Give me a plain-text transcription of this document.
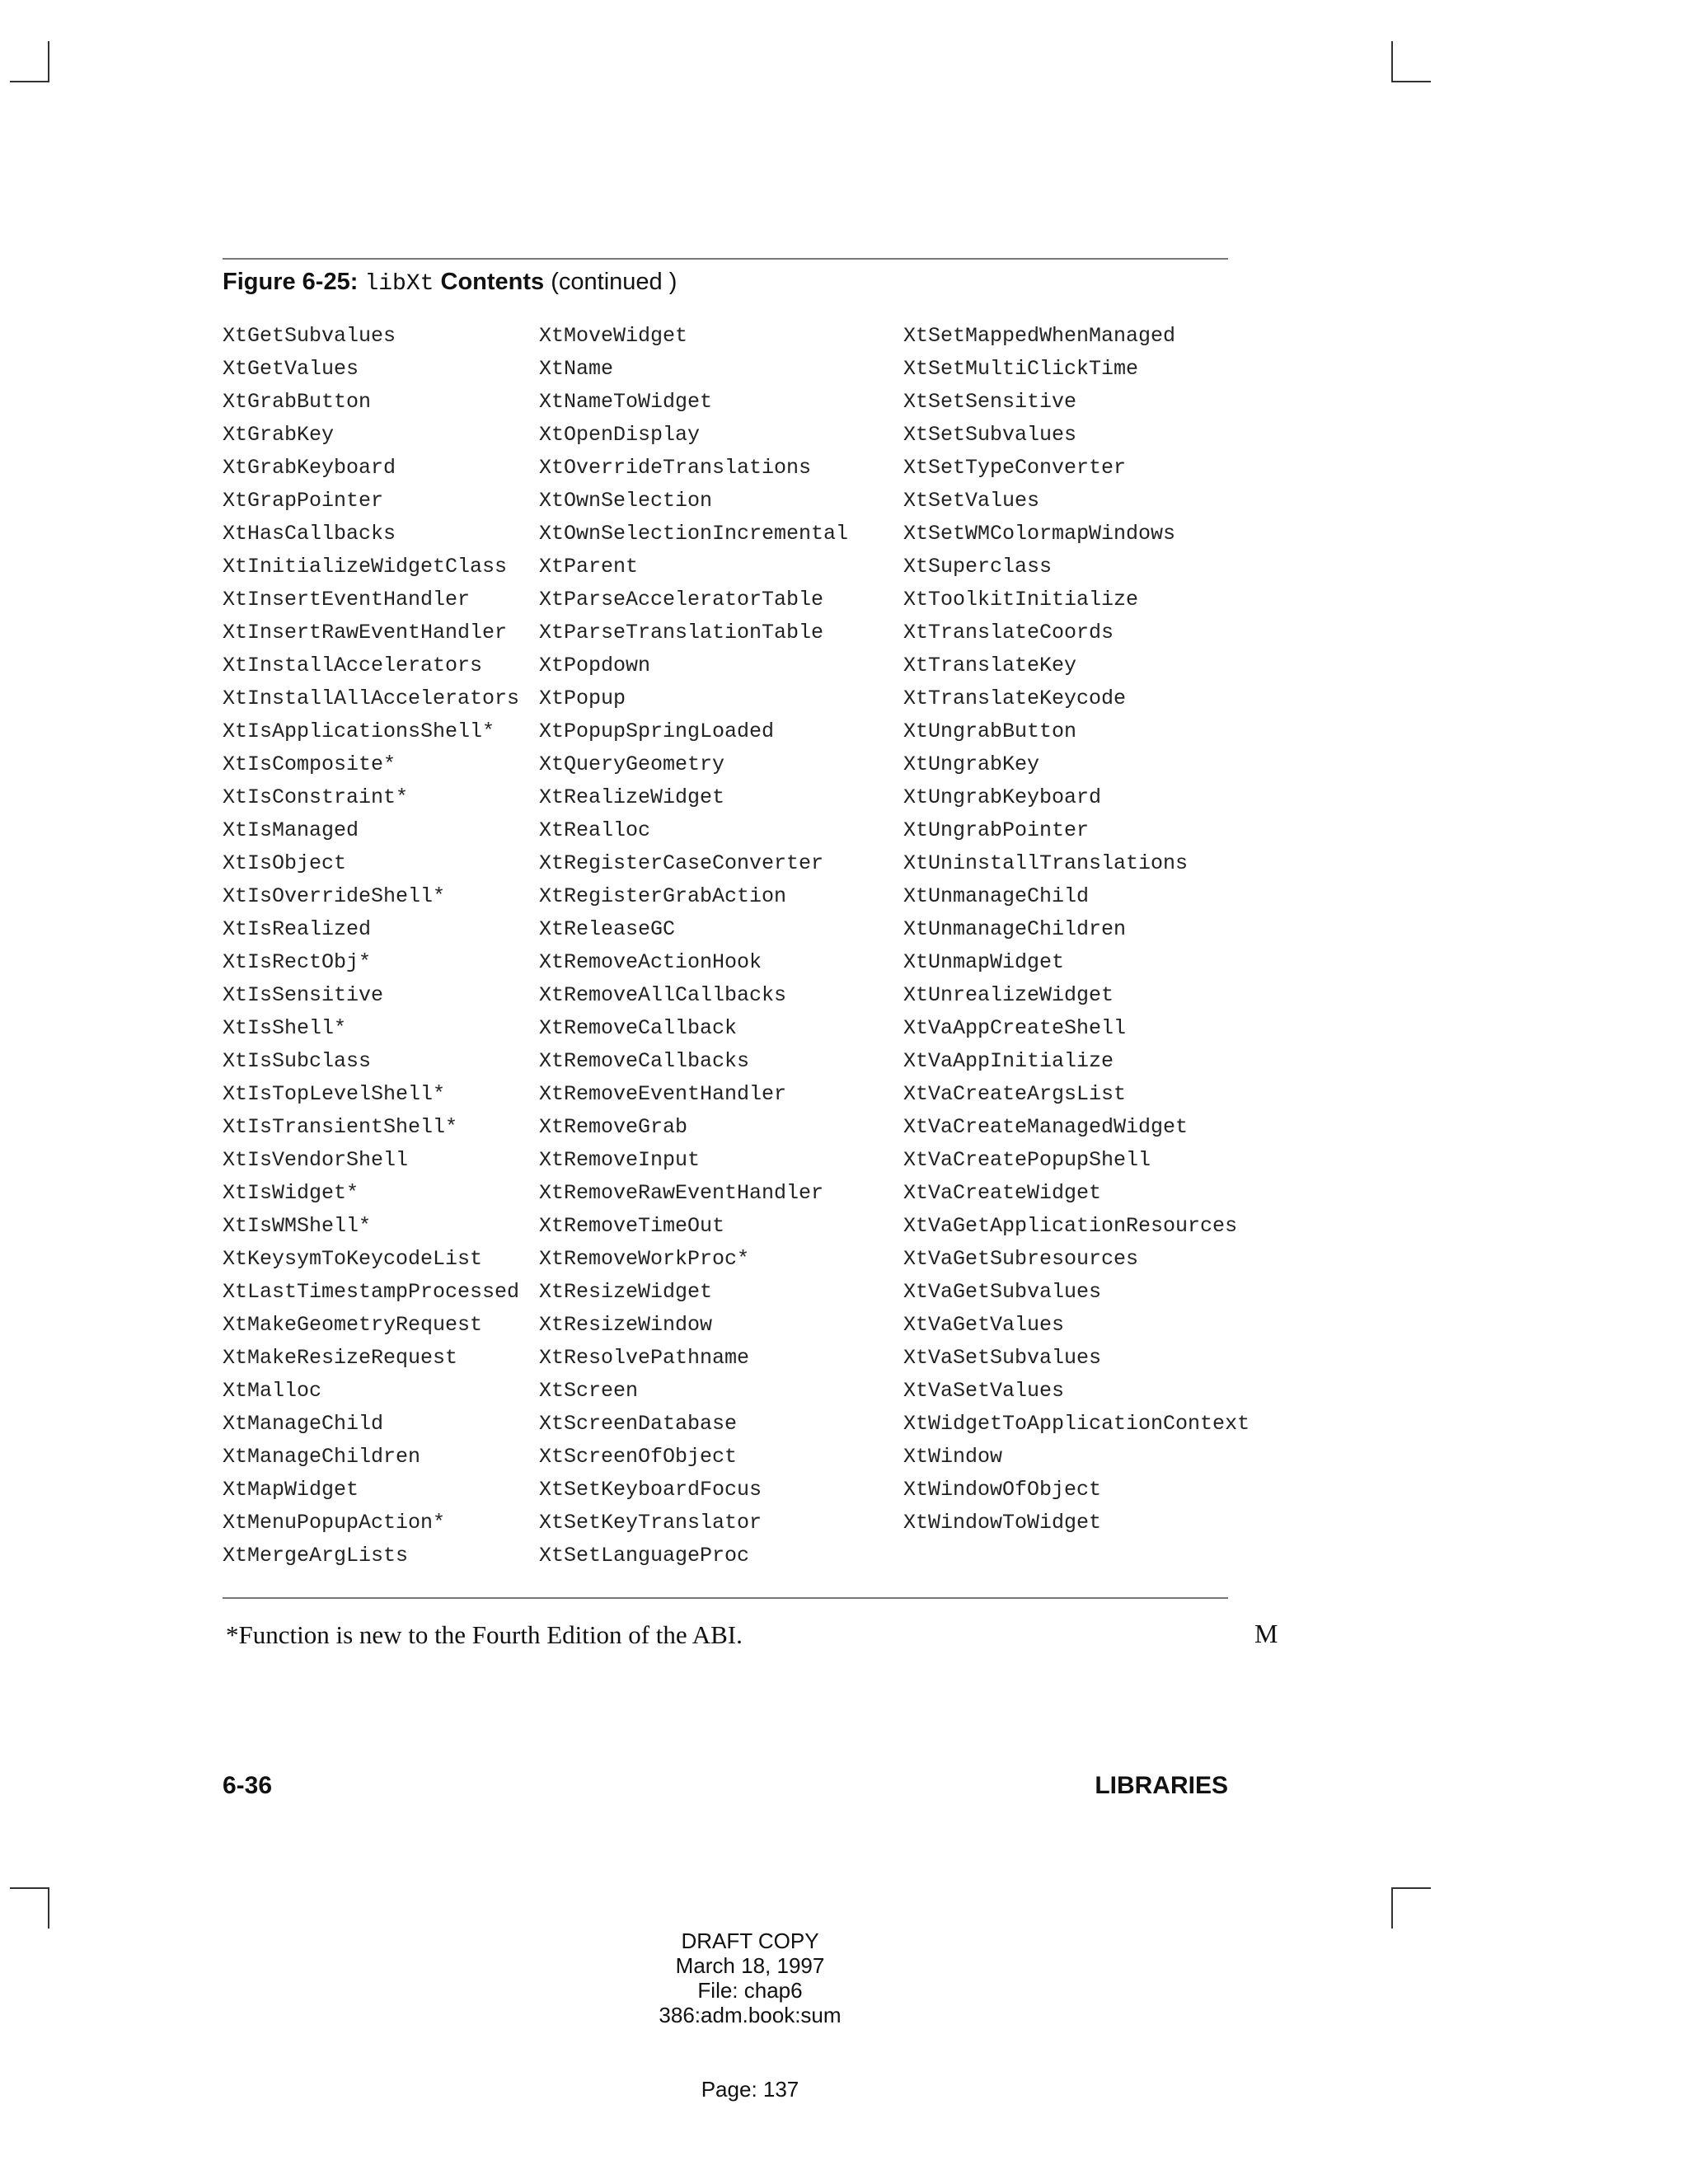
Figure 6-25: libXt Contents (continued )
XtGetSubvalues
XtGetValues
XtGrabButton
XtGrabKey
XtGrabKeyboard
XtGrapPointer
XtHasCallbacks
XtInitializeWidgetClass
XtInsertEventHandler
XtInsertRawEventHandler
XtInstallAccelerators
XtInstallAllAccelerators
XtIsApplicationsShell*
XtIsComposite*
XtIsConstraint*
XtIsManaged
XtIsObject
XtIsOverrideShell*
XtIsRealized
XtIsRectObj*
XtIsSensitive
XtIsShell*
XtIsSubclass
XtIsTopLevelShell*
XtIsTransientShell*
XtIsVendorShell
XtIsWidget*
XtIsWMShell*
XtKeysymToKeycodeList
XtLastTimestampProcessed
XtMakeGeometryRequest
XtMakeResizeRequest
XtMalloc
XtManageChild
XtManageChildren
XtMapWidget
XtMenuPopupAction*
XtMergeArgLists
XtMoveWidget
XtName
XtNameToWidget
XtOpenDisplay
XtOverrideTranslations
XtOwnSelection
XtOwnSelectionIncremental
XtParent
XtParseAcceleratorTable
XtParseTranslationTable
XtPopdown
XtPopup
XtPopupSpringLoaded
XtQueryGeometry
XtRealizeWidget
XtRealloc
XtRegisterCaseConverter
XtRegisterGrabAction
XtReleaseGC
XtRemoveActionHook
XtRemoveAllCallbacks
XtRemoveCallback
XtRemoveCallbacks
XtRemoveEventHandler
XtRemoveGrab
XtRemoveInput
XtRemoveRawEventHandler
XtRemoveTimeOut
XtRemoveWorkProc*
XtResizeWidget
XtResizeWindow
XtResolvePathname
XtScreen
XtScreenDatabase
XtScreenOfObject
XtSetKeyboardFocus
XtSetKeyTranslator
XtSetLanguageProc
XtSetMappedWhenManaged
XtSetMultiClickTime
XtSetSensitive
XtSetSubvalues
XtSetTypeConverter
XtSetValues
XtSetWMColormapWindows
XtSuperclass
XtToolkitInitialize
XtTranslateCoords
XtTranslateKey
XtTranslateKeycode
XtUngrabButton
XtUngrabKey
XtUngrabKeyboard
XtUngrabPointer
XtUninstallTranslations
XtUnmanageChild
XtUnmanageChildren
XtUnmapWidget
XtUnrealizeWidget
XtVaAppCreateShell
XtVaAppInitialize
XtVaCreateArgsList
XtVaCreateManagedWidget
XtVaCreatePopupShell
XtVaCreateWidget
XtVaGetApplicationResources
XtVaGetSubresources
XtVaGetSubvalues
XtVaGetValues
XtVaSetSubvalues
XtVaSetValues
XtWidgetToApplicationContext
XtWindow
XtWindowOfObject
XtWindowToWidget
*Function is new to the Fourth Edition of the ABI.	M
6-36	LIBRARIES
DRAFT COPY
March 18, 1997
File: chap6
386:adm.book:sum
Page: 137
